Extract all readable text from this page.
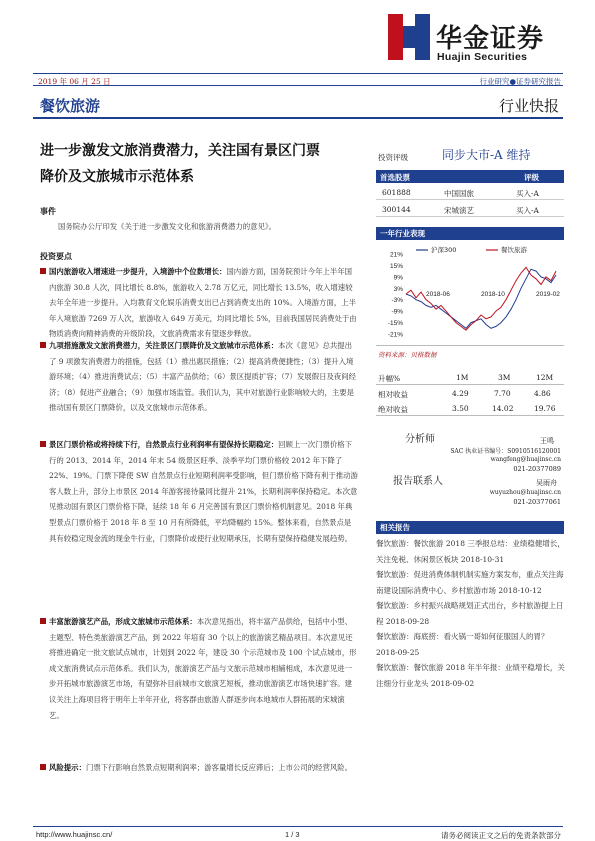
华金证券
Huajin Securities
2019 年 06 月 25 日	行业研究●证券研究报告
餐饮旅游	行业快报
进一步激发文旅消费潜力，关注国有景区门票
降价及文旅城市示范体系
事件
国务院办公厅印发《关于进一步激发文化和旅游消费潜力的意见》。
投资要点
国内旅游收入增速进一步提升，入境游中个位数增长：国内游方面，国务院预计今年上半年国内旅游 30.8 人次，同比增长 8.8%，旅游收入 2.78 万亿元，同比增长 13.5%，收入增速较去年全年进一步提升。入均教育文化娱乐消费支出已占到消费支出的 10%。入境游方面，上半年入境旅游 7269 万人次，旅游收入 649 万美元，均同比增长 5%，目前我国居民消费处于由物质消费向精神消费的升级阶段，文旅消费需求有望逐步释放。
九项措施激发文旅消费潜力，关注景区门票降价及文旅城市示范体系：本次《意见》总共提出了 9 项激发消费潜力的措施，包括（1）推出惠民措施；（2）提高消费便捷性；（3）提升入境游环境；（4）推进消费试点；（5）丰富产品供给；（6）景区提质扩容；（7）发展假日及夜间经济；（8）促进产业融合；（9）加强市场监管。我们认为，其中对旅游行业影响较大的，主要是推动国有景区门票降价，以及文旅城市示范体系。
景区门票价格或将持续下行，自然景点行业利润率有望保持长期稳定：回顾上一次门票价格下行的 2013、2014 年，2014 年末 54 级景区旺季、淡季平均门票价格较 2012 年下降了 22%、19%。门票下降使 SW 自然景点行业短期利润率受影响，但门票价格下降有利于推动游客人数上升，部分上市景区 2014 年游客接待量同比提升 21%，长期利润率保持稳定。本次意见推动国有景区门票价格下降，延续 18 年 6 月完善国有景区门票价格机制意见。2018 年典型景点门票价格于 2018 年 8 至 10 月有所降低，平均降幅约 15%。整体来看，自然景点是具有较稳定现金流的现金牛行业，门票降价或使行业短期承压，长期有望保持稳健发展趋势。
丰富旅游演艺产品，形成文旅城市示范体系：本次意见指出，将丰富产品供给，包括中小型、主题型、特色类旅游演艺产品，到 2022 年培育 30 个以上的旅游演艺精品项目。本次意见还将推进确定一批文旅试点城市，计划到 2022 年，建设 30 个示范城市及 100 个试点城市，形成文旅消费试点示范体系。我们认为，旅游演艺产品与文旅示范城市相辅相成，本次意见进一步开拓城市旅游演艺市场，有望弥补目前城市文旅演艺短板，推动旅游演艺市场快速扩容。建议关注上海项目将于明年上半年开业，将客群由旅游人群逐步向本地城市人群拓展的宋城演艺。
风险提示：门票下行影响自然景点短期利润率；游客量增长反应滞后；上市公司的经营风险。
投资评级	同步大市-A 维持
首选股票	评级
601888	中国国旅	买入-A
300144	宋城演艺	买入-A
一年行业表现
21%
15%
9%
3%
-3%
-9%
-15%
-21%
2018-06	2018-10	2019-02
沪深300	餐饮旅游
资料来源：贝格数据
升幅%	1M	3M	12M
相对收益	4.29	7.70	4.86
绝对收益	3.50	14.02	19.76
分析师	王鸣
SAC 执业证书编号：S0910516120001
wangfeng@huajinsc.cn
021-20377089
报告联系人	吴雨舟
wuyuzhou@huajinsc.cn
021-20377061
相关报告
餐饮旅游：餐饮旅游 2018 三季报总结：业绩稳健增长，关注免税、休闲景区板块 2018-10-31
餐饮旅游：促进消费体制机制实施方案发布，重点关注海南建设国际消费中心、乡村旅游市场 2018-10-12
餐饮旅游：乡村振兴战略规划正式出台，乡村旅游提上日程 2018-09-28
餐饮旅游：海底捞：看火锅一哥如何征服国人的胃？ 2018-09-25
餐饮旅游：餐饮旅游 2018 年半年报：业绩平稳增长，关注细分行业龙头 2018-09-02
http://www.huajinsc.cn/	1 / 3	请务必阅读正文之后的免责条款部分
